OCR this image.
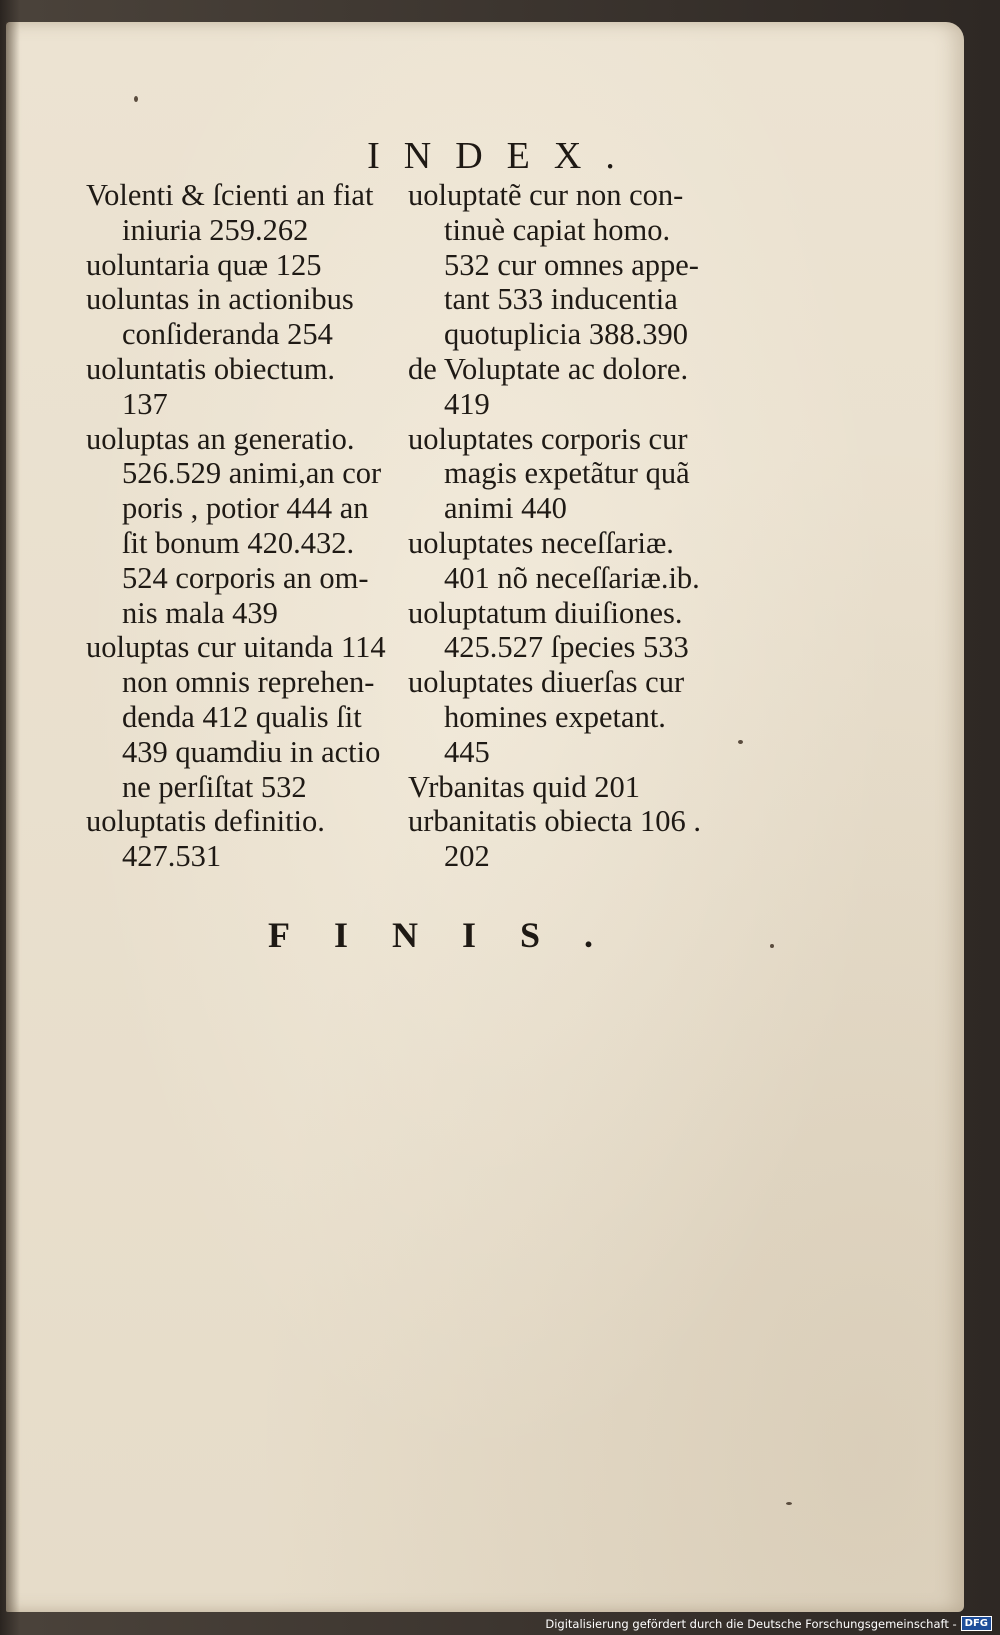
INDEX.
Volenti & ſcienti an fiat
iniuria 259.262
uoluntaria quæ 125
uoluntas in actionibus
conſideranda 254
uoluntatis obiectum.
137
uoluptas an generatio.
526.529 animi,an cor
poris , potior 444 an
ſit bonum 420.432.
524 corporis an om-
nis mala 439
uoluptas cur uitanda 114
non omnis reprehen-
denda 412 qualis ſit
439 quamdiu in actio
ne perſiſtat 532
uoluptatis definitio.
427.531
uoluptatẽ cur non con-
tinuè capiat homo.
532 cur omnes appe-
tant 533 inducentia
quotuplicia 388.390
de Voluptate ac dolore.
419
uoluptates corporis cur
magis expetãtur quã
animi 440
uoluptates neceſſariæ.
401 nõ neceſſariæ.ib.
uoluptatum diuiſiones.
425.527 ſpecies 533
uoluptates diuerſas cur
homines expetant.
445
Vrbanitas quid 201
urbanitatis obiecta 106 .
202
FINIS.
Digitalisierung gefördert durch die Deutsche Forschungsgemeinschaft - DFG
